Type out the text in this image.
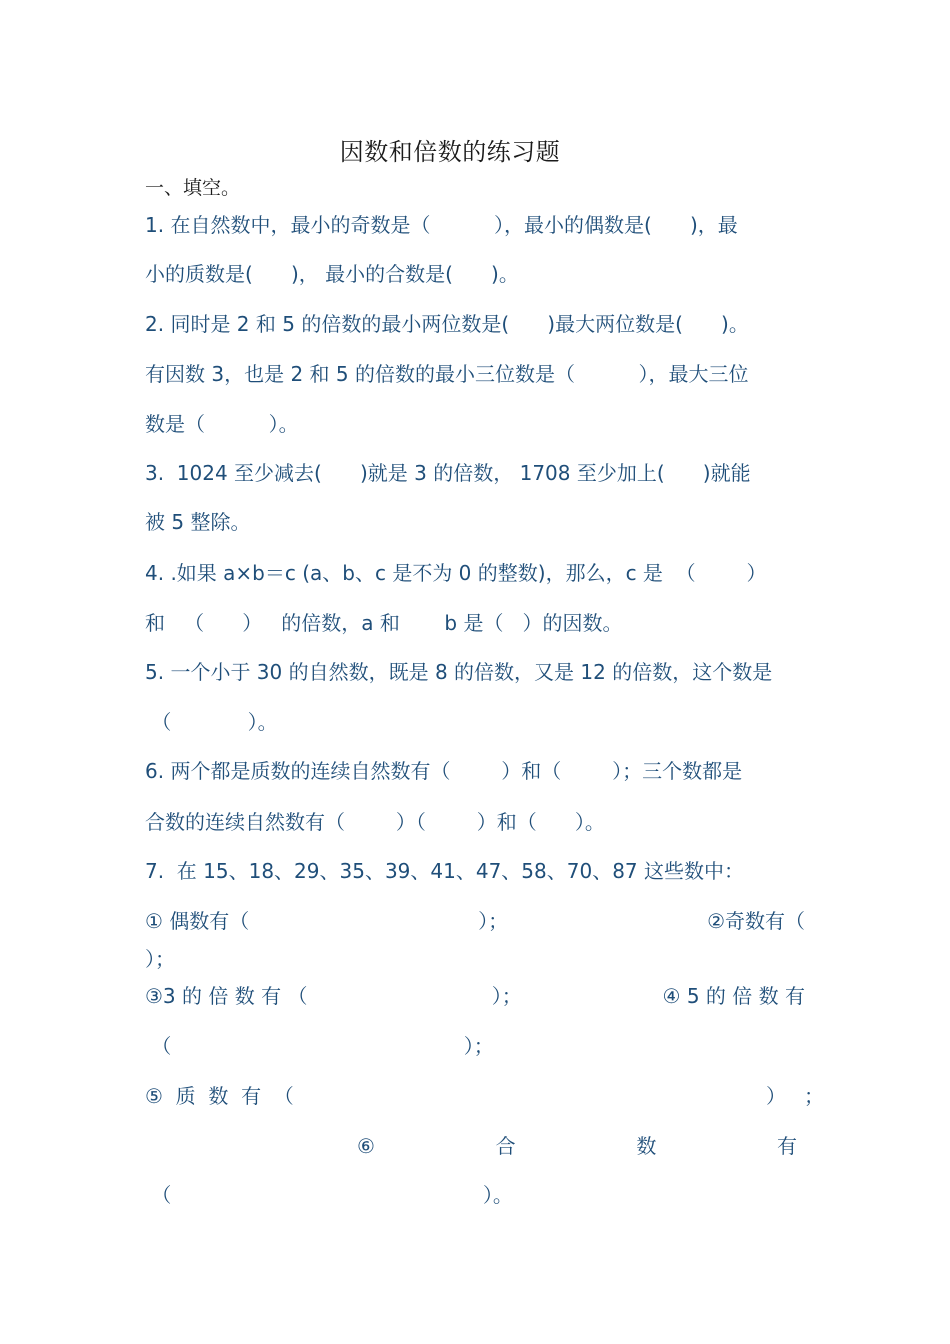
因数和倍数的练习题
一、填空。
1. 在自然数中，最小的奇数是（          ），最小的偶数是(      )，最
小的质数是(      )， 最小的合数是(      )。
2. 同时是 2 和 5 的倍数的最小两位数是(      )最大两位数是(      )。
有因数 3，也是 2 和 5 的倍数的最小三位数是（          ），最大三位
数是（          ）。
3.  1024 至少减去(      )就是 3 的倍数， 1708 至少加上(      )就能
被 5 整除。
4. .如果 a×b＝c (a、b、c 是不为 0 的整数)，那么，c 是  （        ）
和   （      ）   的倍数，a 和       b 是（   ）的因数。
5. 一个小于 30 的自然数，既是 8 的倍数，又是 12 的倍数，这个数是
（            ）。
6. 两个都是质数的连续自然数有（        ）和（        ）；三个数都是
合数的连续自然数有（        ）（        ）和（      ）。
7.  在 15、18、29、35、39、41、47、58、70、87 这些数中：
① 偶数有（                                    ）；	②奇数有（
）；
③3 的 倍 数 有 （                             ）；	④ 5 的 倍 数 有
（                                              ）；
⑤  质  数  有  （	） ；
⑥	合	数	有
（                                                 ）。
